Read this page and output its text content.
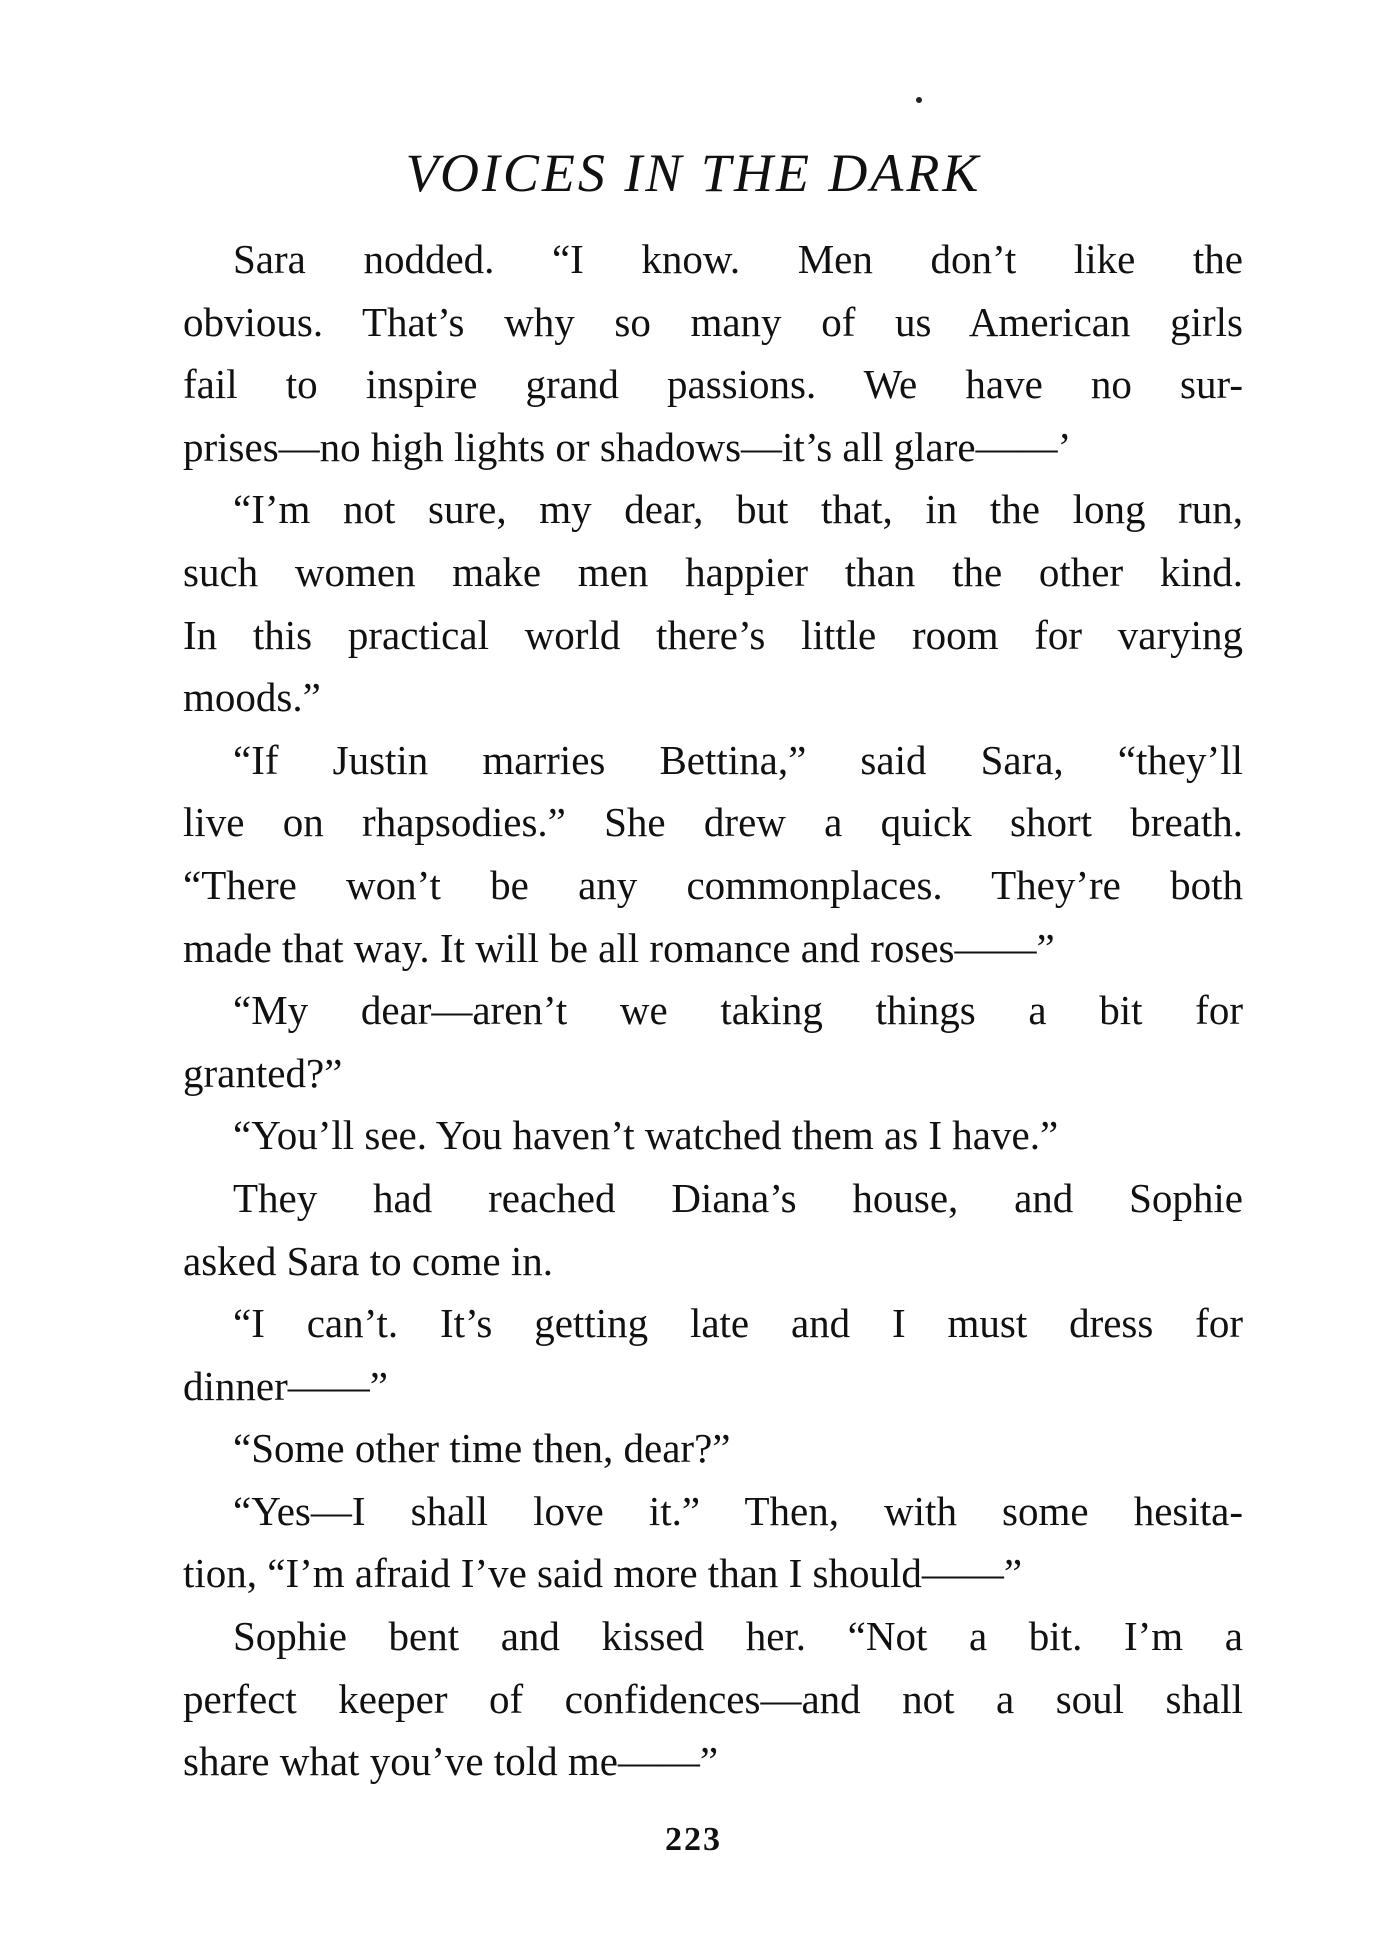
VOICES IN THE DARK

Sara nodded. “I know. Men don’t like the
obvious. That’s why so many of us American girls
fail to inspire grand passions. We have no sur-
prises—no high lights or shadows—it’s all glare——’

“I’m not sure, my dear, but that, in the long run,
such women make men happier than the other kind.
In this practical world there’s little room for varying
moods.”

“If Justin marries Bettina,” said Sara, “they’ll
live on rhapsodies.” She drew a quick short breath.
“There won’t be any commonplaces. They’re both
made that way. It will be all romance and roses——”

“My dear—aren’t we taking things a bit for
granted?”

“You’ll see. You haven’t watched them as I have.”

They had reached Diana’s house, and Sophie
asked Sara to come in.

“I can’t. It’s getting late and I must dress for
dinner——”

“Some other time then, dear?”

“Yes—I shall love it.” Then, with some hesita-
tion, “I’m afraid I’ve said more than I should——”

Sophie bent and kissed her. “Not a bit. I’m a
perfect keeper of confidences—and not a soul shall
share what you’ve told me——”

223
